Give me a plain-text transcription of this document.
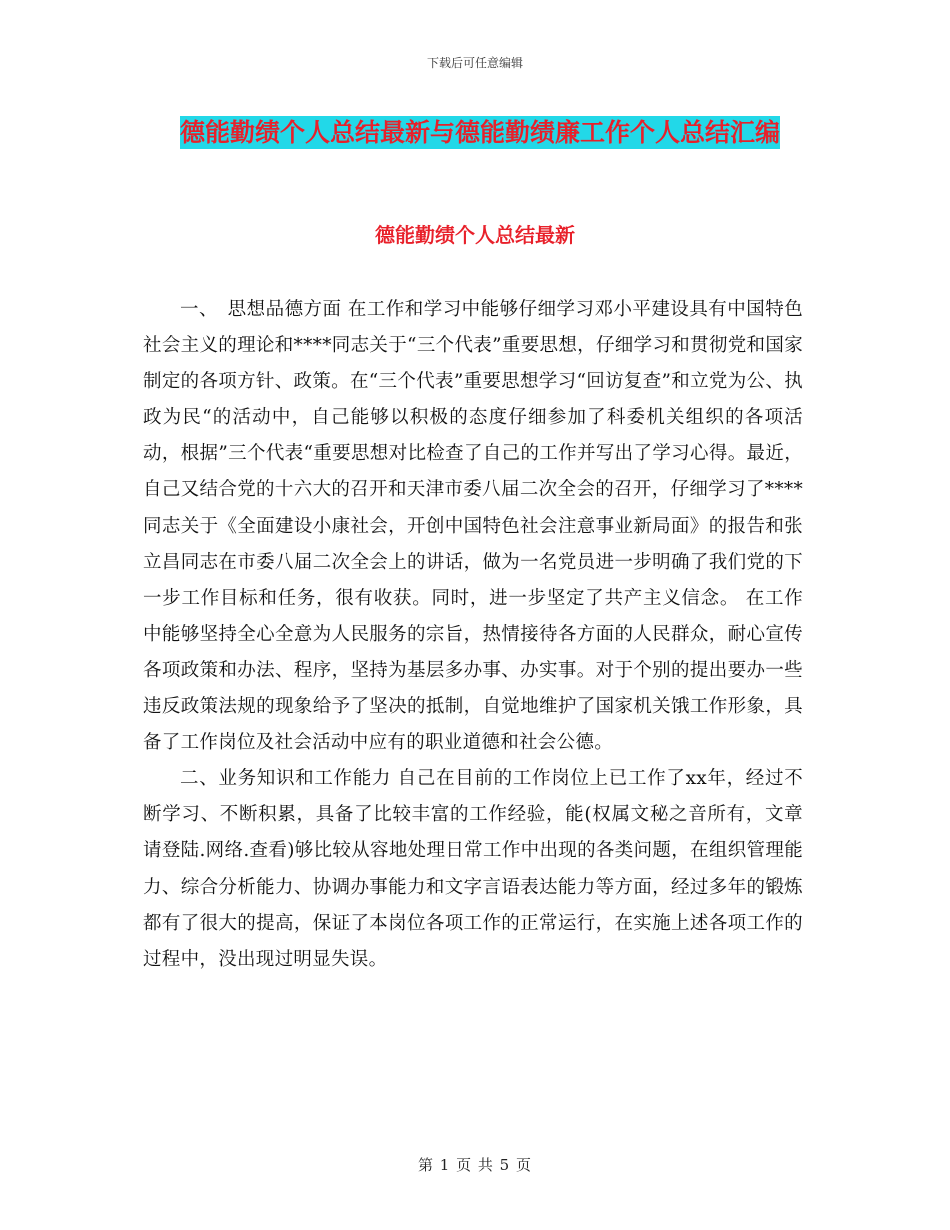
下载后可任意编辑
德能勤绩个人总结最新与德能勤绩廉工作个人总结汇编
德能勤绩个人总结最新

一、　思想品德方面 在工作和学习中能够仔细学习邓小平建设具有中国特色社会主义的理论和****同志关于“三个代表”重要思想，仔细学习和贯彻党和国家制定的各项方针、政策。在“三个代表”重要思想学习“回访复查”和立党为公、执政为民“的活动中，自己能够以积极的态度仔细参加了科委机关组织的各项活动，根据”三个代表“重要思想对比检查了自己的工作并写出了学习心得。最近，自己又结合党的十六大的召开和天津市委八届二次全会的召开，仔细学习了****同志关于《全面建设小康社会，开创中国特色社会注意事业新局面》的报告和张立昌同志在市委八届二次全会上的讲话，做为一名党员进一步明确了我们党的下一步工作目标和任务，很有收获。同时，进一步坚定了共产主义信念。 在工作中能够坚持全心全意为人民服务的宗旨，热情接待各方面的人民群众，耐心宣传各项政策和办法、程序，坚持为基层多办事、办实事。对于个别的提出要办一些违反政策法规的现象给予了坚决的抵制，自觉地维护了国家机关饿工作形象，具备了工作岗位及社会活动中应有的职业道德和社会公德。

二、业务知识和工作能力 自己在目前的工作岗位上已工作了xx年，经过不断学习、不断积累，具备了比较丰富的工作经验，能(权属文秘之音所有，文章请登陆.网络.查看)够比较从容地处理日常工作中出现的各类问题，在组织管理能力、综合分析能力、协调办事能力和文字言语表达能力等方面，经过多年的锻炼都有了很大的提高，保证了本岗位各项工作的正常运行，在实施上述各项工作的过程中，没出现过明显失误。

第 1 页 共 5 页
